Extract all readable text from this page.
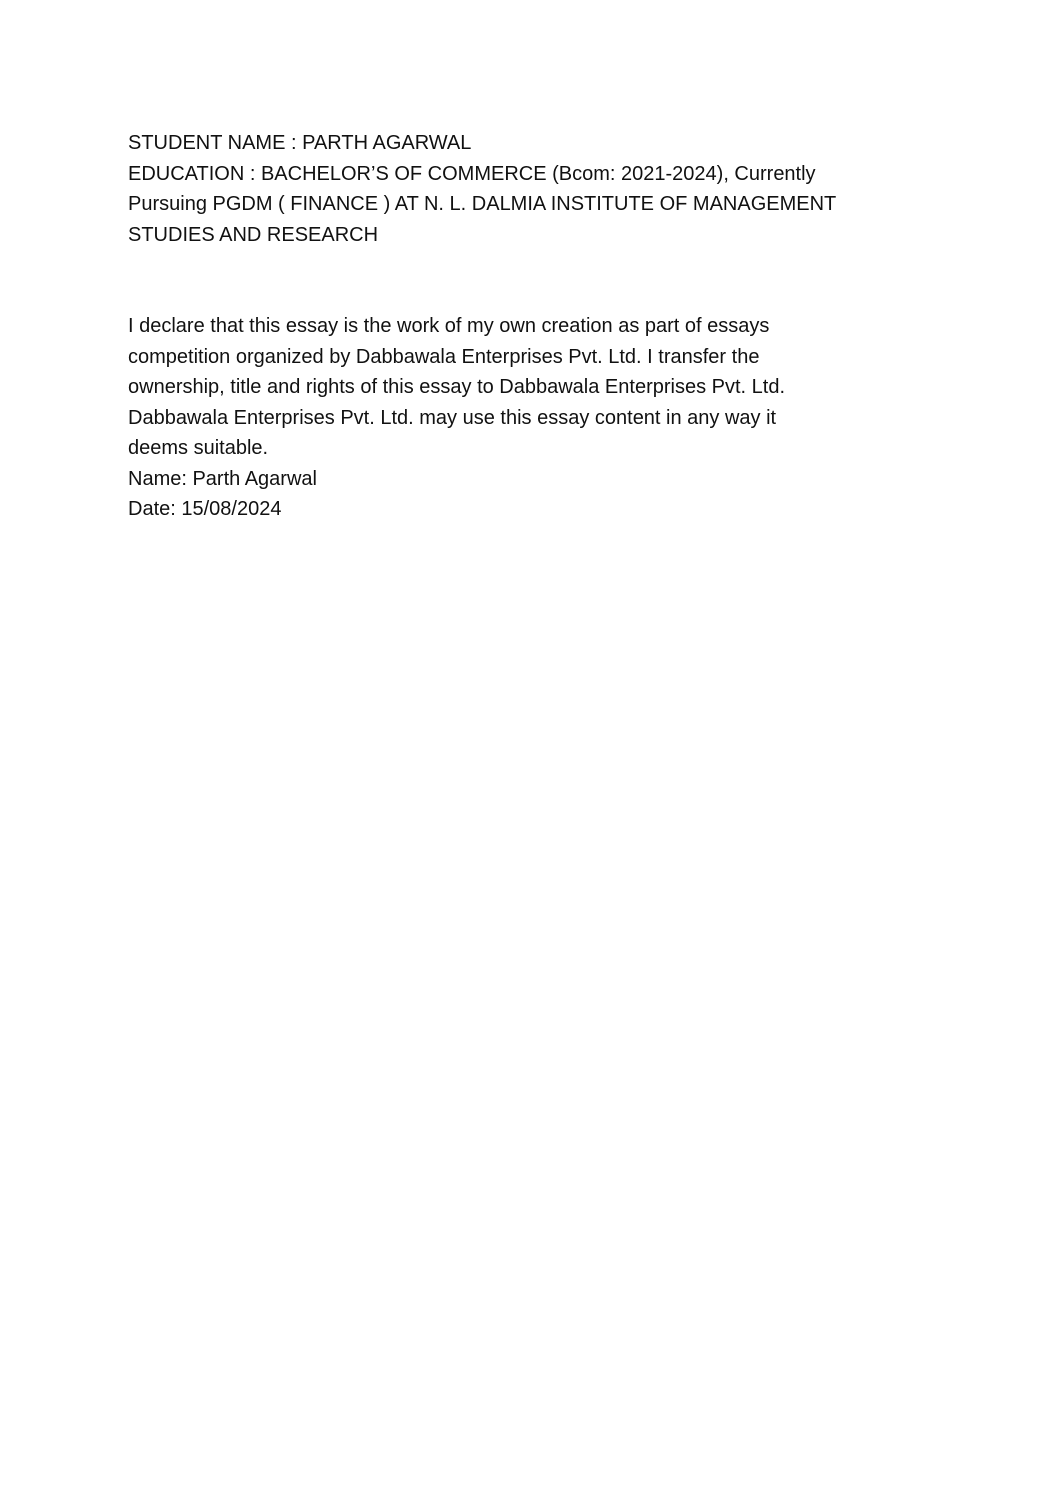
STUDENT NAME : PARTH AGARWAL
EDUCATION : BACHELOR’S OF COMMERCE (Bcom: 2021-2024), Currently
Pursuing PGDM ( FINANCE ) AT N. L. DALMIA INSTITUTE OF MANAGEMENT
STUDIES AND RESEARCH
I declare that this essay is the work of my own creation as part of essays
competition organized by Dabbawala Enterprises Pvt. Ltd. I transfer the
ownership, title and rights of this essay to Dabbawala Enterprises Pvt. Ltd.
Dabbawala Enterprises Pvt. Ltd. may use this essay content in any way it
deems suitable.
Name: Parth Agarwal
Date: 15/08/2024
